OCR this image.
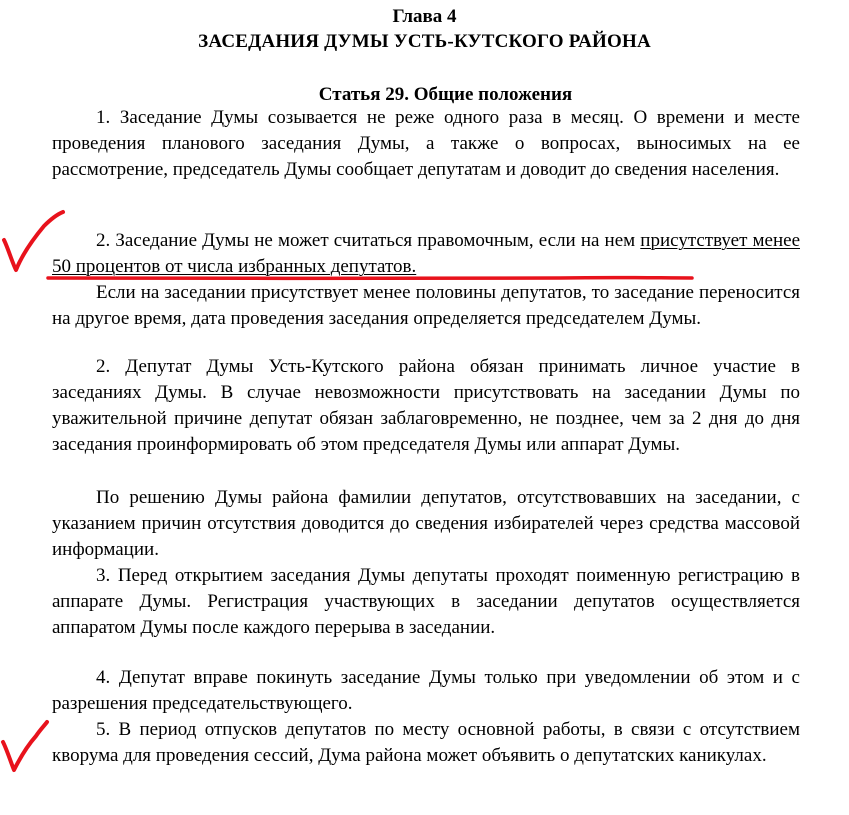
Глава 4

ЗАСЕДАНИЯ ДУМЫ УСТЬ-КУТСКОГО РАЙОНА

Статья 29. Общие положения

1. Заседание Думы созывается не реже одного раза в месяц. О времени и месте проведения планового заседания Думы, а также о вопросах, выносимых на ее рассмотрение, председатель Думы сообщает депутатам и доводит до сведения населения.

2. Заседание Думы не может считаться правомочным, если на нем присутствует менее 50 процентов от числа избранных депутатов.

Если на заседании присутствует менее половины депутатов, то заседание переносится на другое время, дата проведения заседания определяется председателем Думы.

2. Депутат Думы Усть-Кутского района обязан принимать личное участие в заседаниях Думы. В случае невозможности присутствовать на заседании Думы по уважительной причине депутат обязан заблаговременно, не позднее, чем за 2 дня до дня заседания проинформировать об этом председателя Думы или аппарат Думы.

По решению Думы района фамилии депутатов, отсутствовавших на заседании, с указанием причин отсутствия доводится до сведения избирателей через средства массовой информации.

3. Перед открытием заседания Думы депутаты проходят поименную регистрацию в аппарате Думы. Регистрация участвующих в заседании депутатов осуществляется аппаратом Думы после каждого перерыва в заседании.

4. Депутат вправе покинуть заседание Думы только при уведомлении об этом и с разрешения председательствующего.

5. В период отпусков депутатов по месту основной работы, в связи с отсутствием кворума для проведения сессий, Дума района может объявить о депутатских каникулах.
